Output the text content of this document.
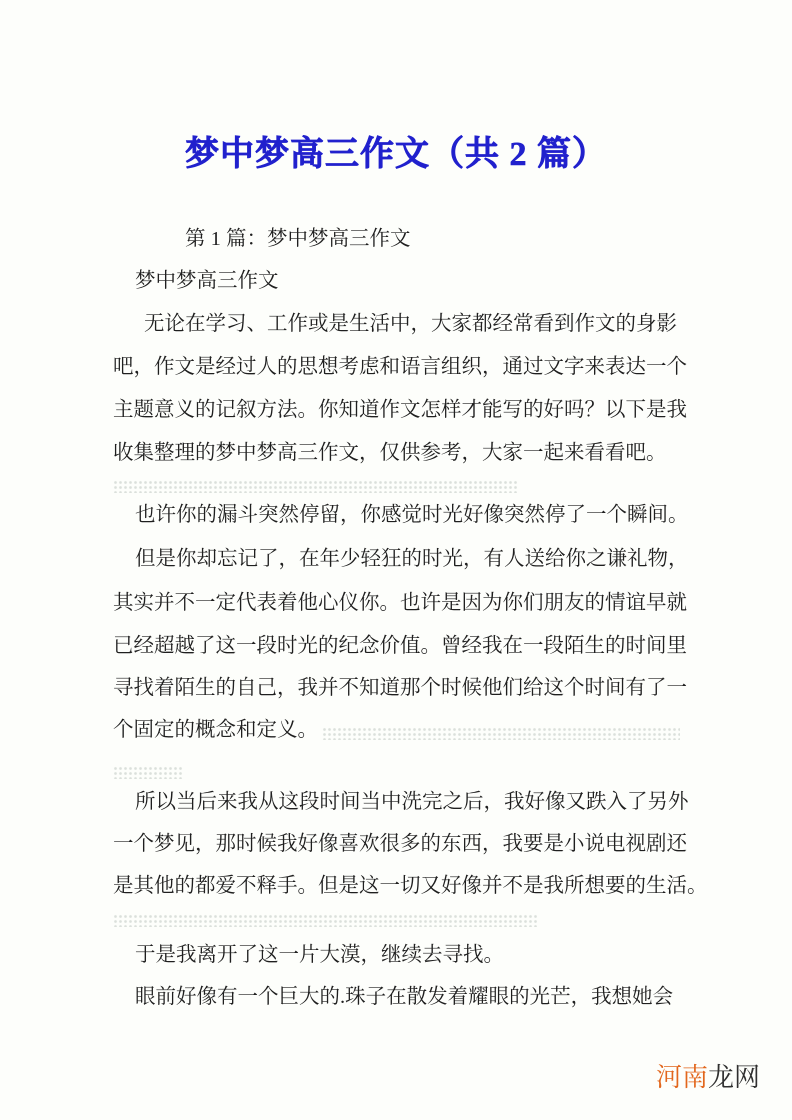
梦中梦高三作文（共 2 篇）
第 1 篇：梦中梦高三作文
梦中梦高三作文
无论在学习、工作或是生活中，大家都经常看到作文的身影
吧，作文是经过人的思想考虑和语言组织，通过文字来表达一个
主题意义的记叙方法。你知道作文怎样才能写的好吗？以下是我
收集整理的梦中梦高三作文，仅供参考，大家一起来看看吧。
也许你的漏斗突然停留，你感觉时光好像突然停了一个瞬间。
但是你却忘记了，在年少轻狂的时光，有人送给你之谦礼物，
其实并不一定代表着他心仪你。也许是因为你们朋友的情谊早就
已经超越了这一段时光的纪念价值。曾经我在一段陌生的时间里
寻找着陌生的自己，我并不知道那个时候他们给这个时间有了一
个固定的概念和定义。
所以当后来我从这段时间当中洗完之后，我好像又跌入了另外
一个梦见，那时候我好像喜欢很多的东西，我要是小说电视剧还
是其他的都爱不释手。但是这一切又好像并不是我所想要的生活。
于是我离开了这一片大漠，继续去寻找。
眼前好像有一个巨大的.珠子在散发着耀眼的光芒，我想她会
河南龙网
